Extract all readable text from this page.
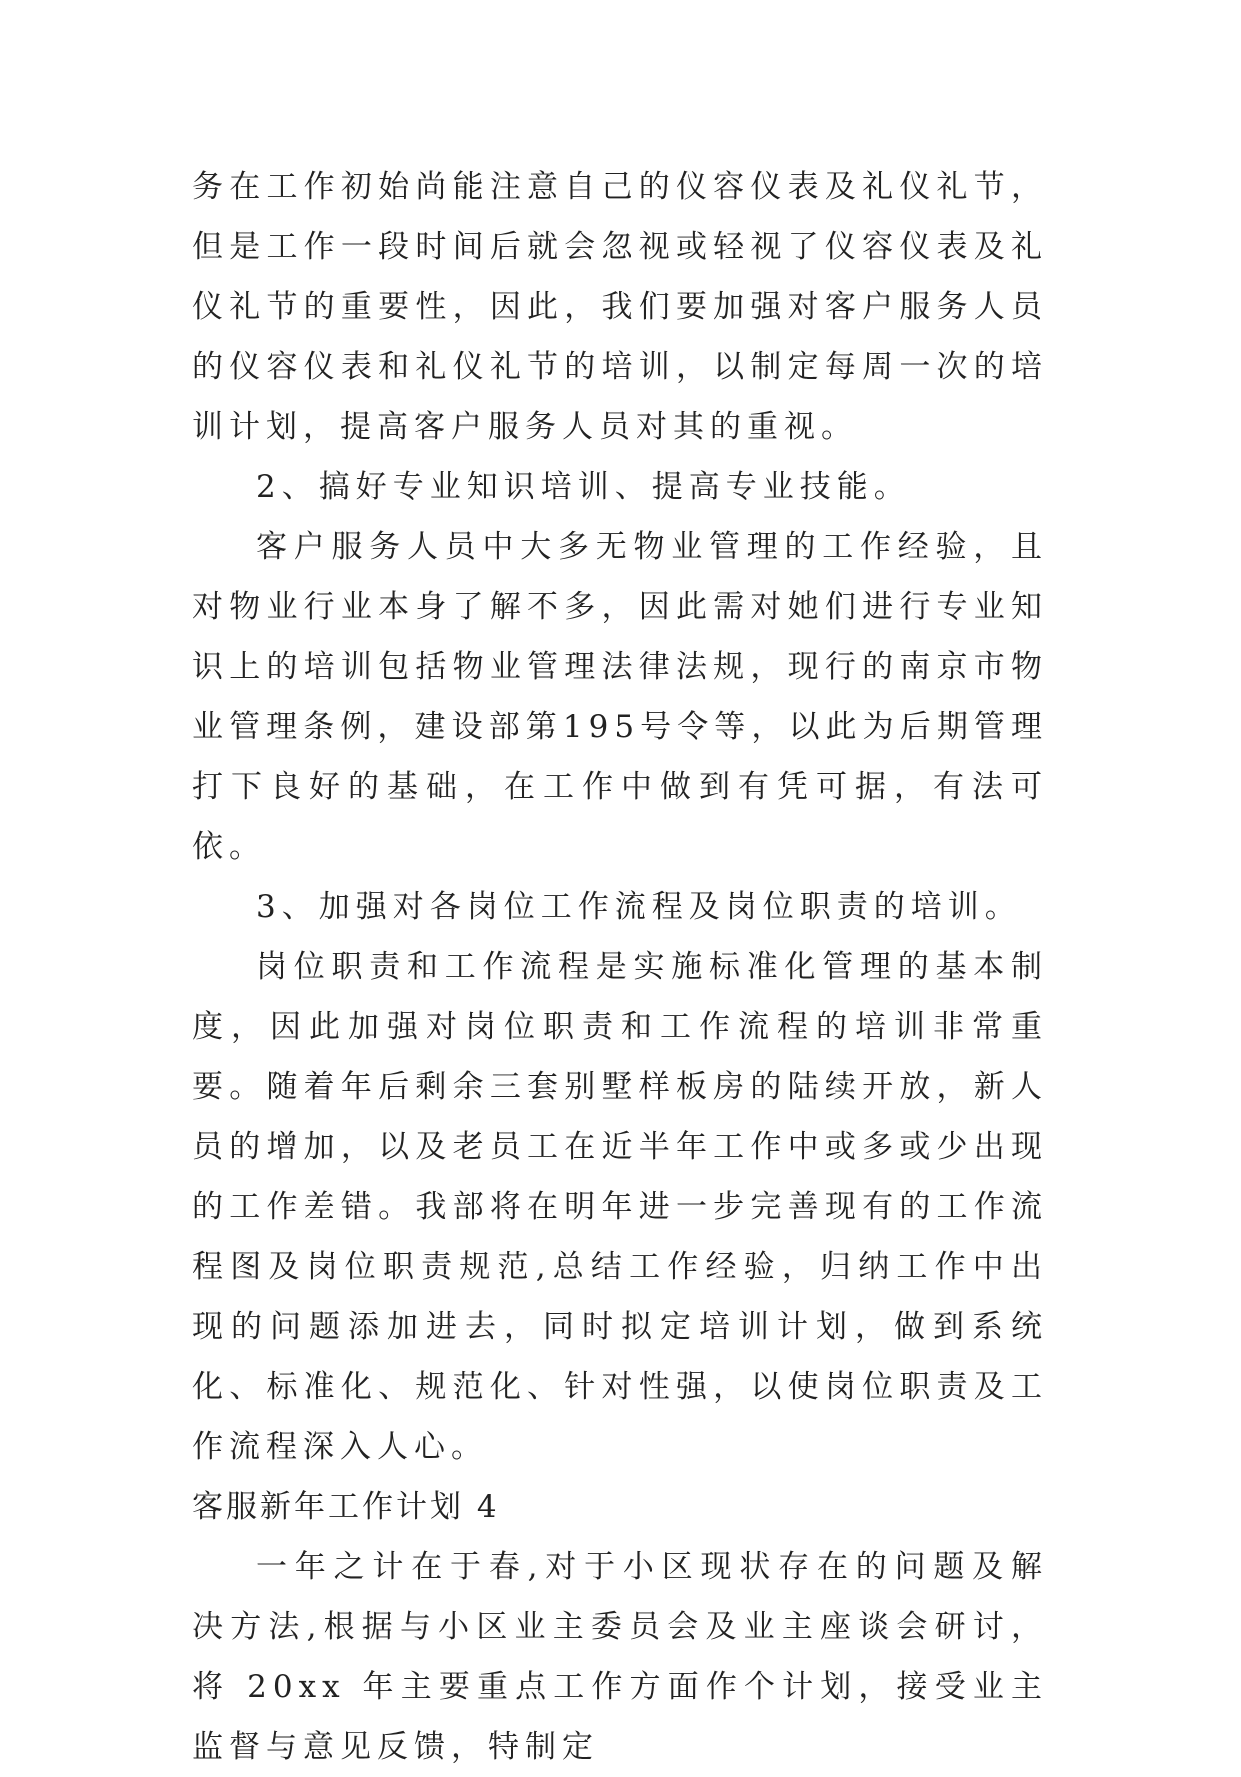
务在工作初始尚能注意自己的仪容仪表及礼仪礼节，但是工作一段时间后就会忽视或轻视了仪容仪表及礼仪礼节的重要性，因此，我们要加强对客户服务人员的仪容仪表和礼仪礼节的培训，以制定每周一次的培训计划，提高客户服务人员对其的重视。

2、搞好专业知识培训、提高专业技能。

客户服务人员中大多无物业管理的工作经验，且对物业行业本身了解不多，因此需对她们进行专业知识上的培训包括物业管理法律法规，现行的南京市物业管理条例，建设部第195号令等，以此为后期管理打下良好的基础，在工作中做到有凭可据，有法可依。

3、加强对各岗位工作流程及岗位职责的培训。

岗位职责和工作流程是实施标准化管理的基本制度，因此加强对岗位职责和工作流程的培训非常重要。随着年后剩余三套别墅样板房的陆续开放，新人员的增加，以及老员工在近半年工作中或多或少出现的工作差错。我部将在明年进一步完善现有的工作流程图及岗位职责规范,总结工作经验，归纳工作中出现的问题添加进去，同时拟定培训计划，做到系统化、标准化、规范化、针对性强，以使岗位职责及工作流程深入人心。

客服新年工作计划 4

一年之计在于春,对于小区现状存在的问题及解决方法,根据与小区业主委员会及业主座谈会研讨，将 20xx 年主要重点工作方面作个计划，接受业主监督与意见反馈，特制定
